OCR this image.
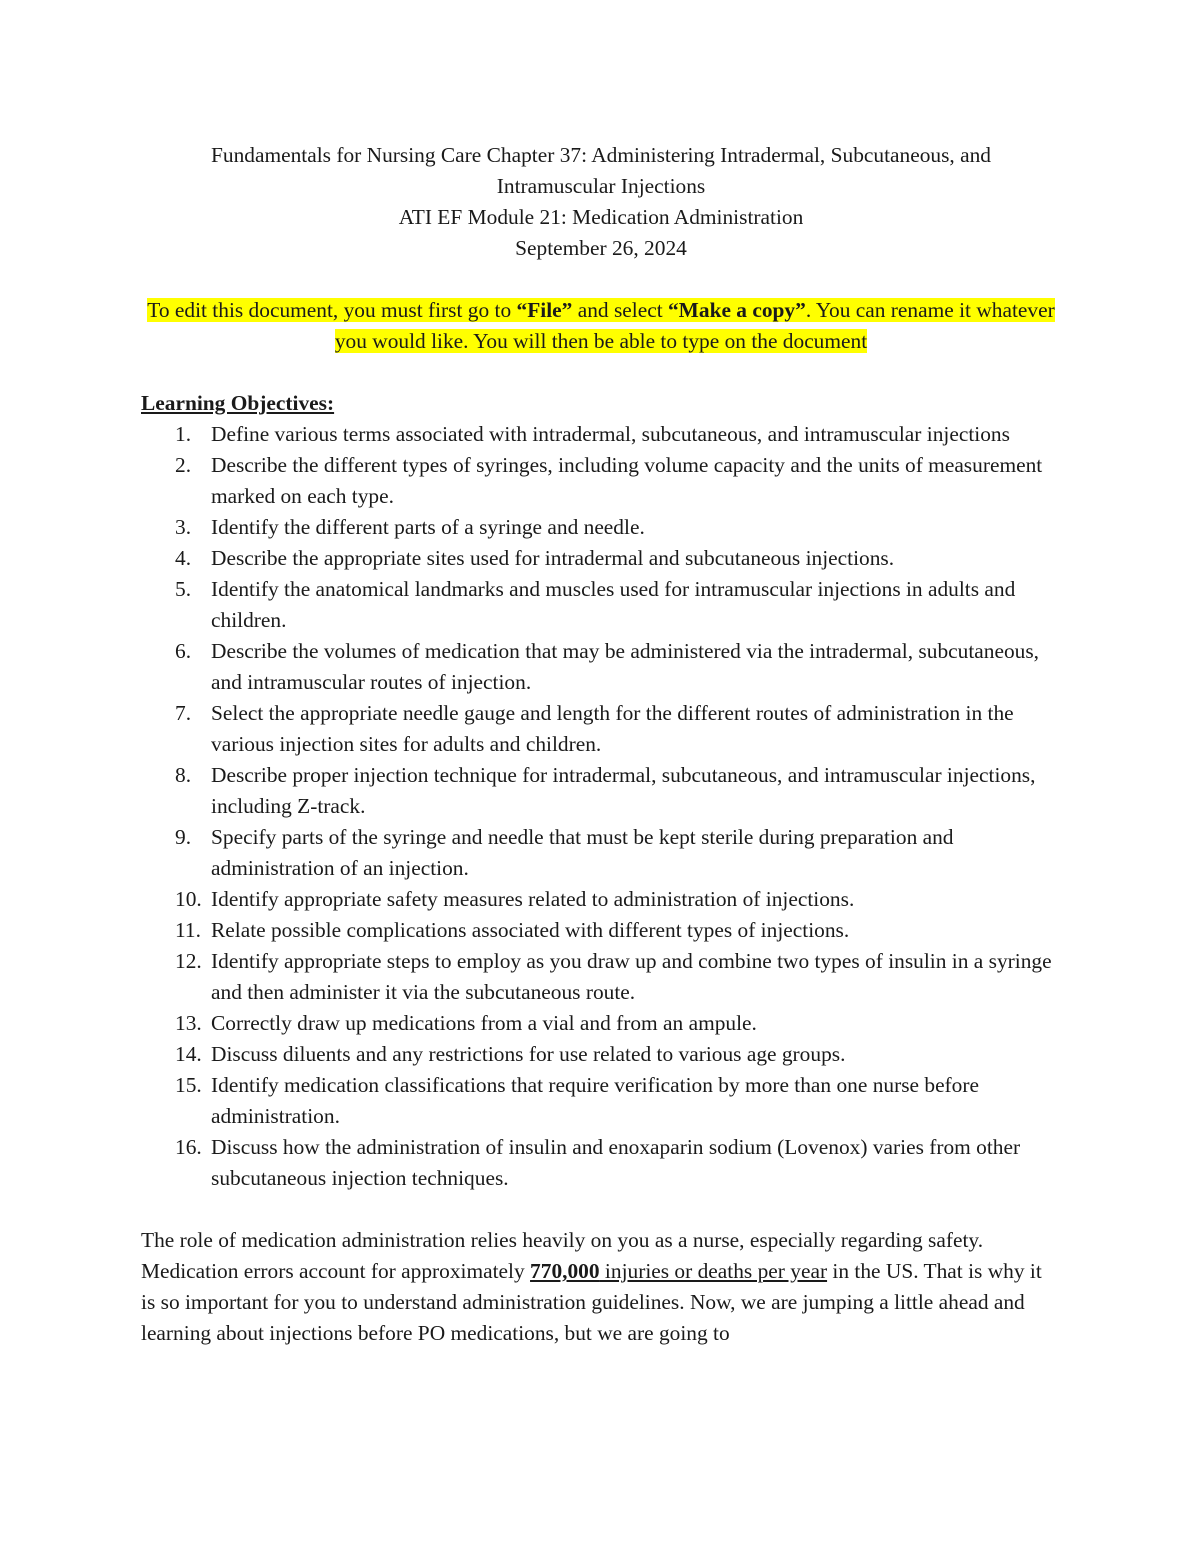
Fundamentals for Nursing Care Chapter 37: Administering Intradermal, Subcutaneous, and
Intramuscular Injections
ATI EF Module 21: Medication Administration
September 26, 2024
To edit this document, you must first go to “File” and select “Make a copy”. You can rename it whatever you would like. You will then be able to type on the document
Learning Objectives:
1. Define various terms associated with intradermal, subcutaneous, and intramuscular injections
2. Describe the different types of syringes, including volume capacity and the units of measurement marked on each type.
3. Identify the different parts of a syringe and needle.
4. Describe the appropriate sites used for intradermal and subcutaneous injections.
5. Identify the anatomical landmarks and muscles used for intramuscular injections in adults and children.
6. Describe the volumes of medication that may be administered via the intradermal, subcutaneous, and intramuscular routes of injection.
7. Select the appropriate needle gauge and length for the different routes of administration in the various injection sites for adults and children.
8. Describe proper injection technique for intradermal, subcutaneous, and intramuscular injections, including Z-track.
9. Specify parts of the syringe and needle that must be kept sterile during preparation and administration of an injection.
10. Identify appropriate safety measures related to administration of injections.
11. Relate possible complications associated with different types of injections.
12. Identify appropriate steps to employ as you draw up and combine two types of insulin in a syringe and then administer it via the subcutaneous route.
13. Correctly draw up medications from a vial and from an ampule.
14. Discuss diluents and any restrictions for use related to various age groups.
15. Identify medication classifications that require verification by more than one nurse before administration.
16. Discuss how the administration of insulin and enoxaparin sodium (Lovenox) varies from other subcutaneous injection techniques.
The role of medication administration relies heavily on you as a nurse, especially regarding safety. Medication errors account for approximately 770,000 injuries or deaths per year in the US. That is why it is so important for you to understand administration guidelines. Now, we are jumping a little ahead and learning about injections before PO medications, but we are going to
